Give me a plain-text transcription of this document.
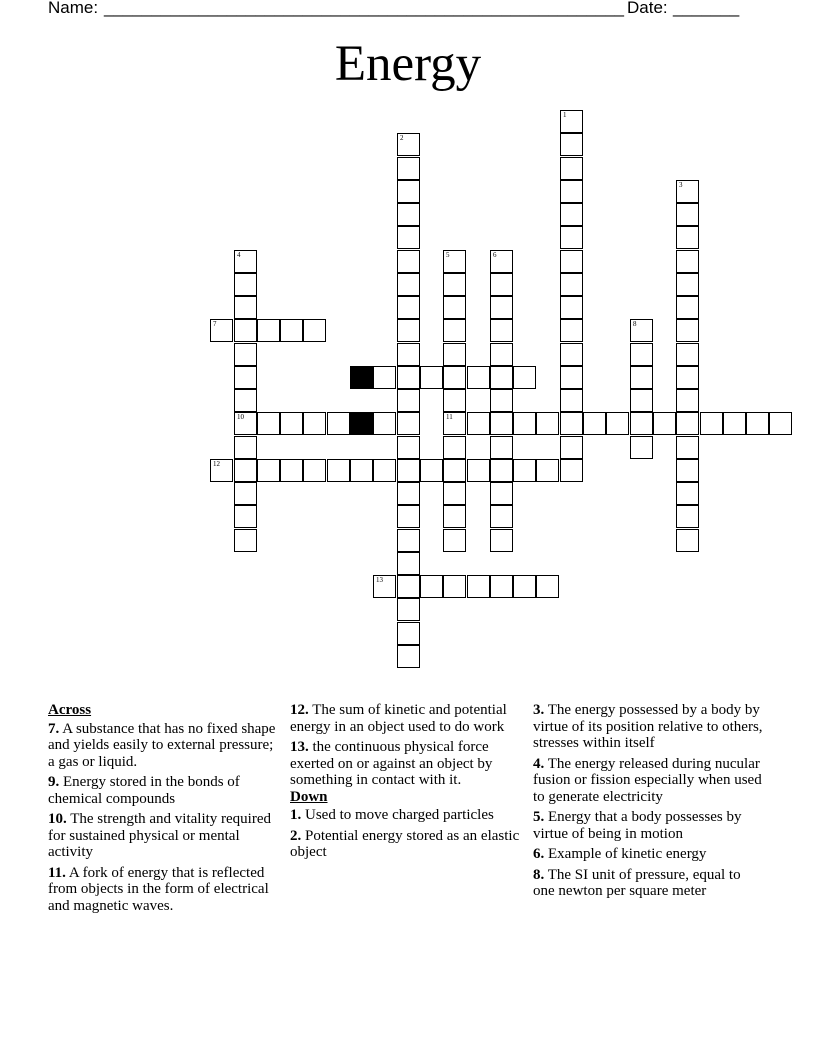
Name: _______________________________________________________ Date: _______
Energy
1
2
3
4
10
5
11
6
7	8
12
13
Across
7. A substance that has no fixed shape and yields easily to external pressure; a gas or liquid.
9. Energy stored in the bonds of chemical compounds
10. The strength and vitality required for sustained physical or mental activity
11. A fork of energy that is reflected from objects in the form of electrical and magnetic waves.
12. The sum of kinetic and potential energy in an object used to do work
13. the continuous physical force exerted on or against an object by something in contact with it.
Down
1. Used to move charged particles
2. Potential energy stored as an elastic object
3. The energy possessed by a body by virtue of its position relative to others, stresses within itself
4. The energy released during nucular fusion or fission especially when used to generate electricity
5. Energy that a body possesses by virtue of being in motion
6. Example of kinetic energy
8. The SI unit of pressure, equal to one newton per square meter
